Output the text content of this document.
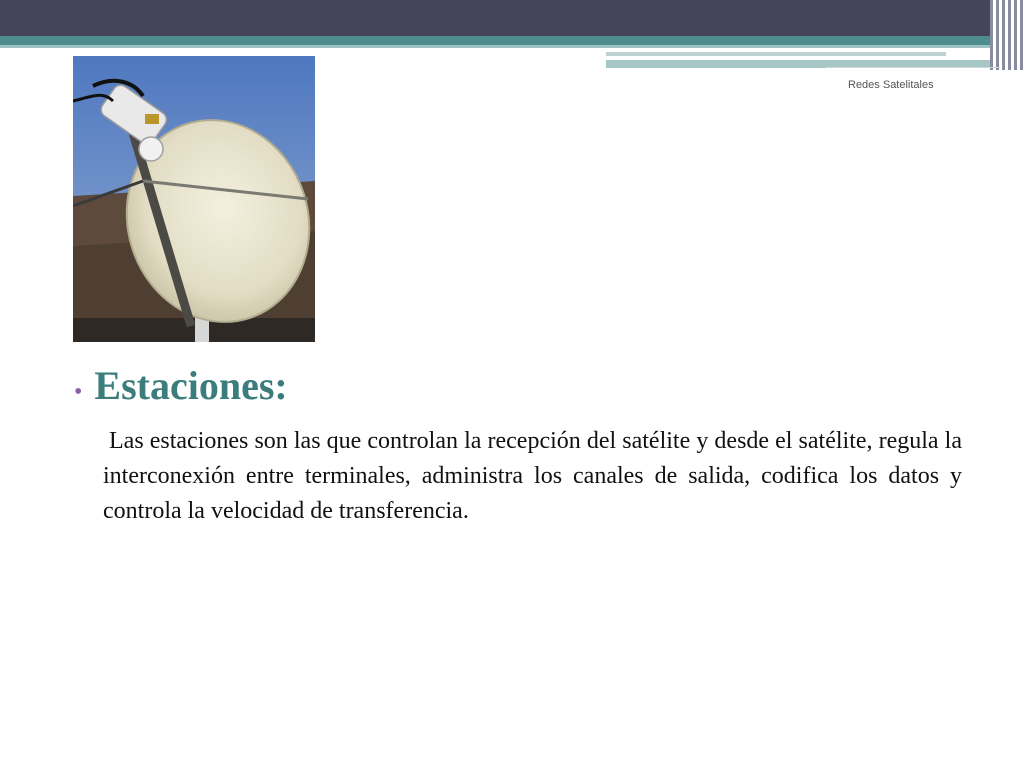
Redes Satelitales
• Estaciones:
Las estaciones son las que controlan la recepción del satélite y desde el satélite, regula la interconexión entre terminales, administra los canales de salida, codifica los datos y controla la velocidad de transferencia.
